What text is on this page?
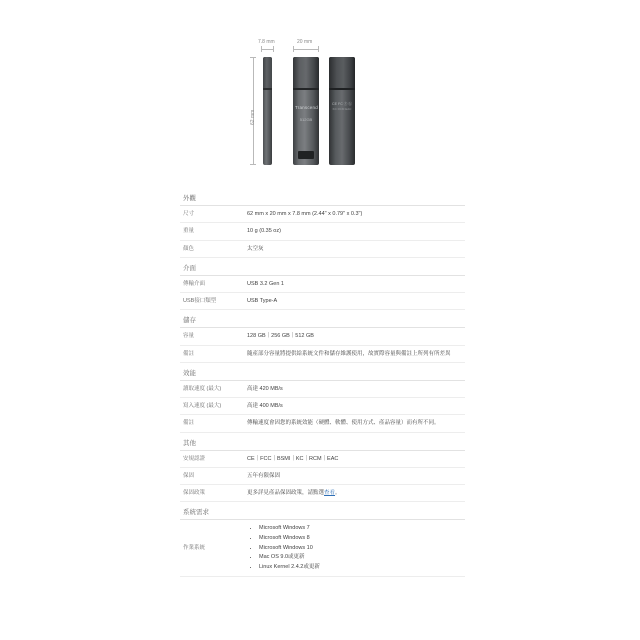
7.8 mm	20 mm
62 mm
Transcend
512GB
CE FC Ⓢ ⓚ
KC RCM EAC
外觀
尺寸	62 mm x 20 mm x 7.8 mm (2.44" x 0.79" x 0.3")
重量	10 g (0.35 oz)
顏色	太空灰
介面
傳輸介面	USB 3.2 Gen 1
USB接口類型	USB Type-A
儲存
容量	128 GB｜256 GB｜512 GB
備註	隨產部分容量將提供給系統文件和儲存維護使用，故實際容量與備註上所列有所差異
效能
讀取速度 (最大)	高達 420 MB/s
寫入速度 (最大)	高達 400 MB/s
備註	傳輸速度會因您的系統效能（硬體、軟體、使用方式、產品容量）而有所不同。
其他
安規認證	CE｜FCC｜BSMI｜KC｜RCM｜EAC
保固	五年有限保固
保固政策	更多詳見產品保固政策，請點選查看。
系統需求
作業系統	
• Microsoft Windows 7
• Microsoft Windows 8
• Microsoft Windows 10
• Mac OS 9.0或更新
• Linux Kernel 2.4.2或更新
